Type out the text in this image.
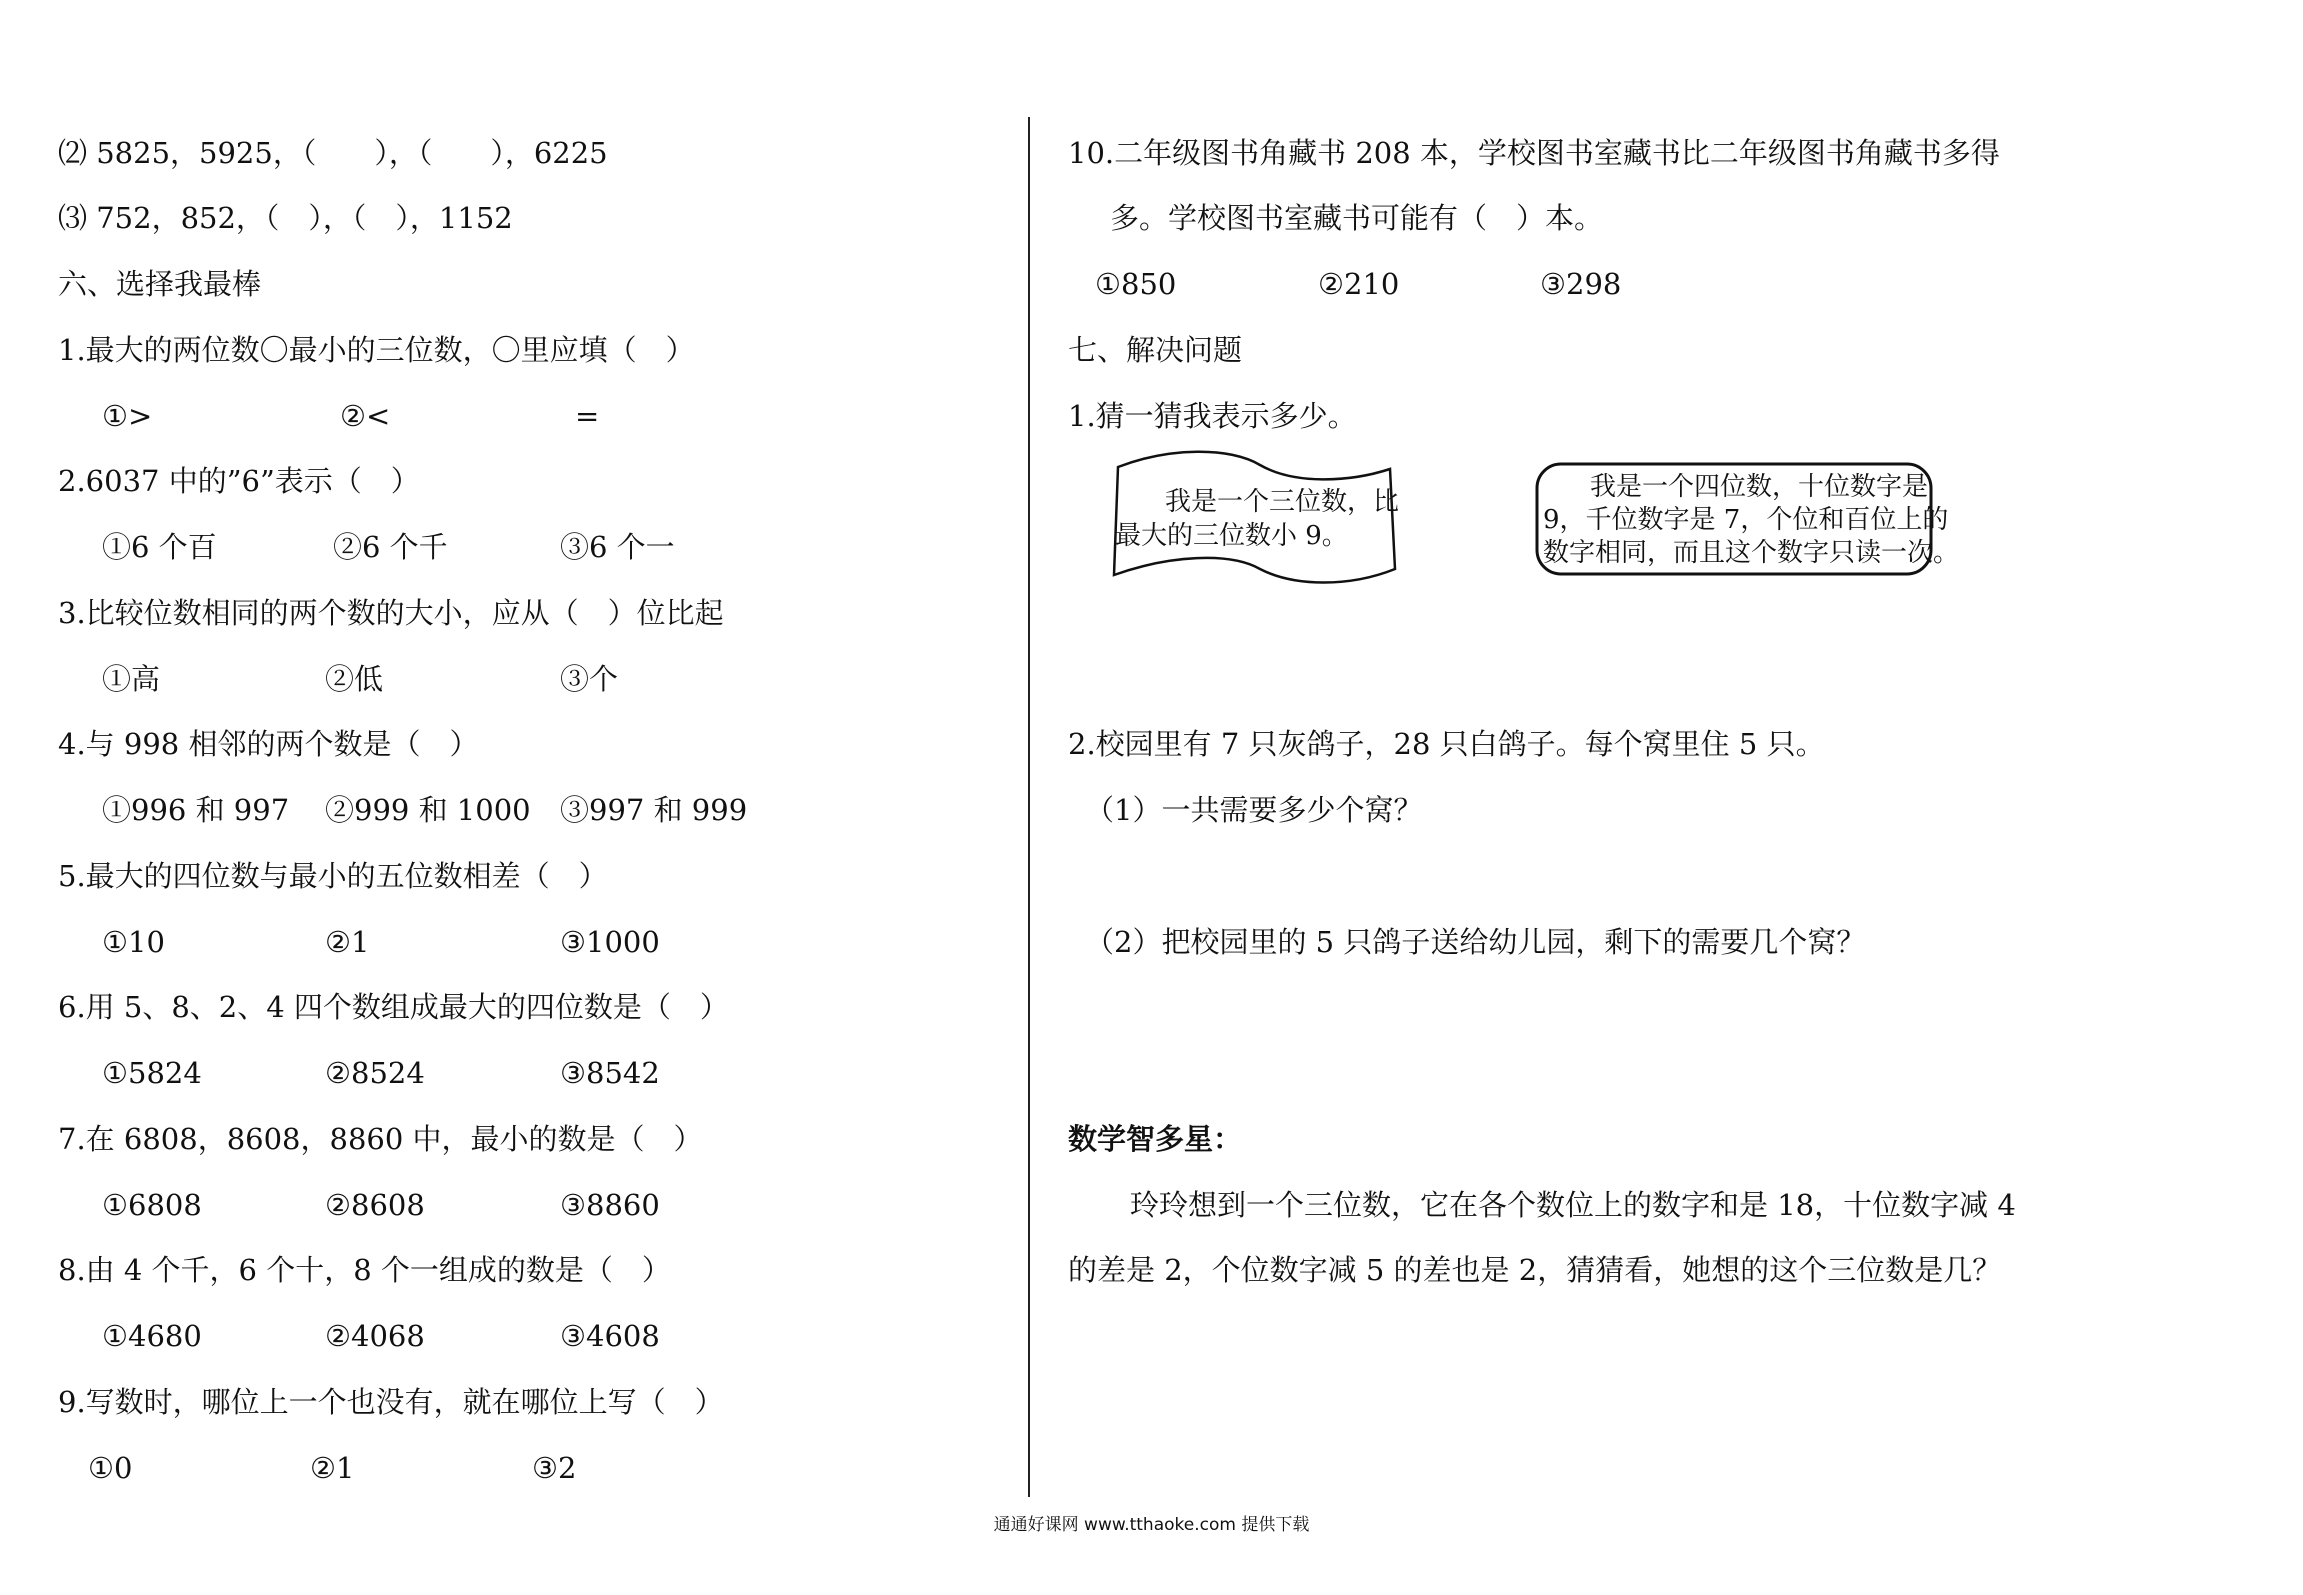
⑵ 5825，5925，（　　），（　　），6225
⑶ 752，852，（　），（　），1152
六、选择我最棒
1.最大的两位数〇最小的三位数，〇里应填（　）
①>	②<	=
2.6037 中的”6”表示（　）
①6 个百	②6 个千	③6 个一
3.比较位数相同的两个数的大小，应从（　）位比起
①高	②低	③个
4.与 998 相邻的两个数是（　）
①996 和 997 ②999 和 1000 ③997 和 999
5.最大的四位数与最小的五位数相差（　）
①10	②1	③1000
6.用 5、8、2、4 四个数组成最大的四位数是（　）
①5824	②8524	③8542
7.在 6808，8608，8860 中，最小的数是（　）
①6808	②8608	③8860
8.由 4 个千，6 个十，8 个一组成的数是（　）
①4680	②4068	③4608
9.写数时，哪位上一个也没有，就在哪位上写（　）
①0	②1	③2
10.二年级图书角藏书 208 本，学校图书室藏书比二年级图书角藏书多得
多。学校图书室藏书可能有（　）本。
①850	②210	③298
七、解决问题
1.猜一猜我表示多少。
我是一个三位数，比
最大的三位数小 9。
我是一个四位数，十位数字是
9，千位数字是 7，个位和百位上的
数字相同，而且这个数字只读一次。
2.校园里有 7 只灰鸽子，28 只白鸽子。每个窝里住 5 只。
（1）一共需要多少个窝？
（2）把校园里的 5 只鸽子送给幼儿园，剩下的需要几个窝？
数学智多星：
玲玲想到一个三位数，它在各个数位上的数字和是 18，十位数字减 4
的差是 2，个位数字减 5 的差也是 2，猜猜看，她想的这个三位数是几？
通通好课网 www.tthaoke.com 提供下载
